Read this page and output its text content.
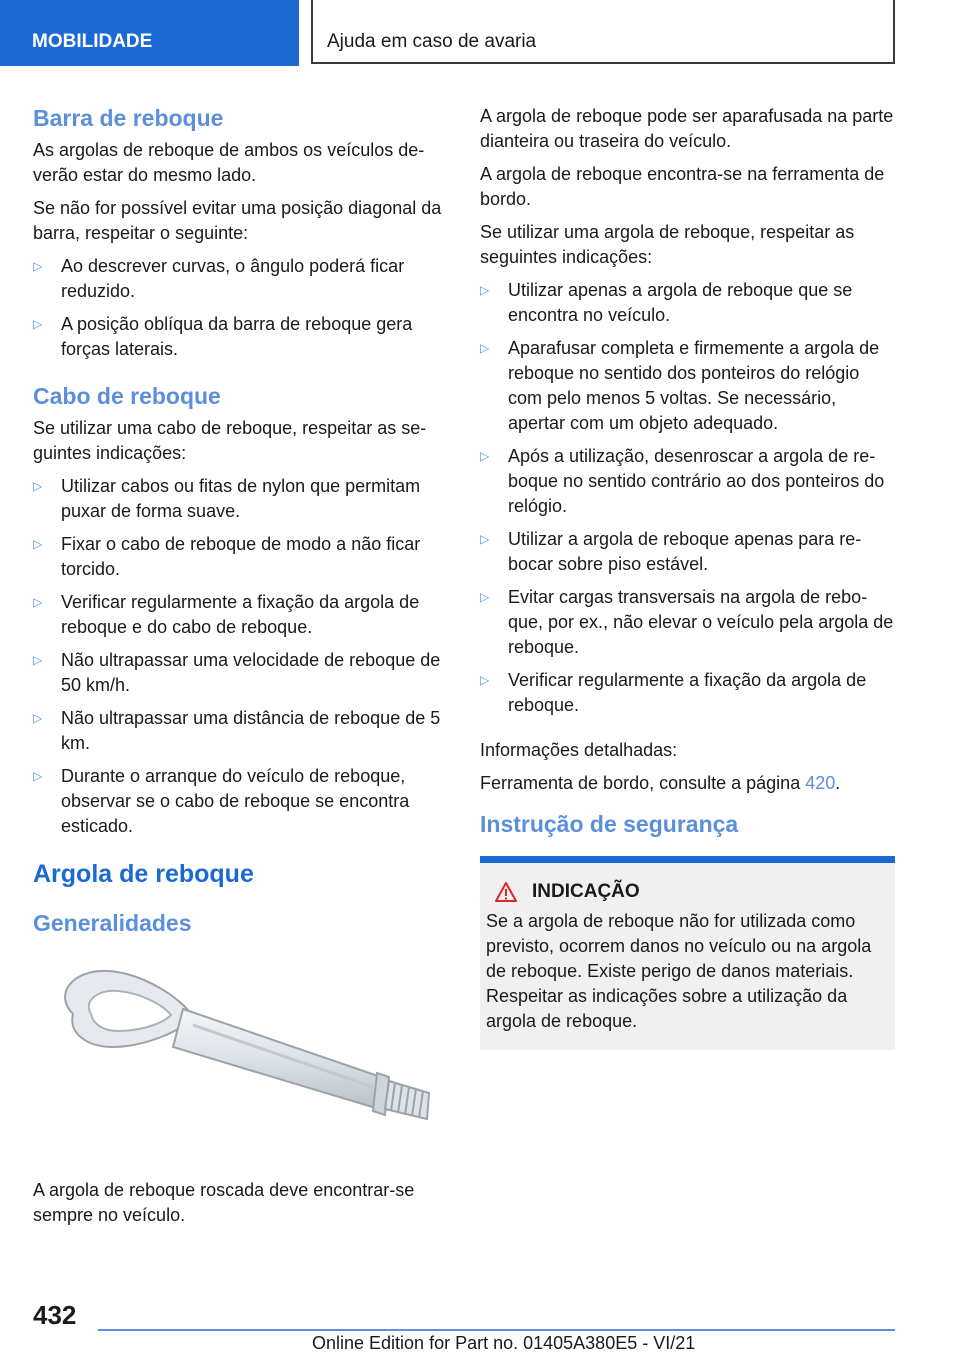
MOBILIDADE	Ajuda em caso de avaria
Barra de reboque

As argolas de reboque de ambos os veículos deverão estar do mesmo lado.

Se não for possível evitar uma posição diagonal da barra, respeitar o seguinte:

▷ Ao descrever curvas, o ângulo poderá ficar reduzido.
▷ A posição oblíqua da barra de reboque gera forças laterais.
Cabo de reboque

Se utilizar uma cabo de reboque, respeitar as seguintes indicações:

▷ Utilizar cabos ou fitas de nylon que permitam puxar de forma suave.
▷ Fixar o cabo de reboque de modo a não ficar torcido.
▷ Verificar regularmente a fixação da argola de reboque e do cabo de reboque.
▷ Não ultrapassar uma velocidade de reboque de 50 km/h.
▷ Não ultrapassar uma distância de reboque de 5 km.
▷ Durante o arranque do veículo de reboque, observar se o cabo de reboque se encontra esticado.
Argola de reboque
Generalidades

A argola de reboque roscada deve encontrar-se sempre no veículo.

A argola de reboque pode ser aparafusada na parte dianteira ou traseira do veículo.

A argola de reboque encontra-se na ferramenta de bordo.

Se utilizar uma argola de reboque, respeitar as seguintes indicações:

▷ Utilizar apenas a argola de reboque que se encontra no veículo.
▷ Aparafusar completa e firmemente a argola de reboque no sentido dos ponteiros do relógio com pelo menos 5 voltas. Se necessário, apertar com um objeto adequado.
▷ Após a utilização, desenroscar a argola de reboque no sentido contrário ao dos ponteiros do relógio.
▷ Utilizar a argola de reboque apenas para rebocar sobre piso estável.
▷ Evitar cargas transversais na argola de reboque, por ex., não elevar o veículo pela argola de reboque.
▷ Verificar regularmente a fixação da argola de reboque.

Informações detalhadas:

Ferramenta de bordo, consulte a página 420.

Instrução de segurança
INDICAÇÃO

Se a argola de reboque não for utilizada como previsto, ocorrem danos no veículo ou na argola de reboque. Existe perigo de danos materiais. Respeitar as indicações sobre a utilização da argola de reboque.

432
Online Edition for Part no. 01405A380E5 - VI/21
